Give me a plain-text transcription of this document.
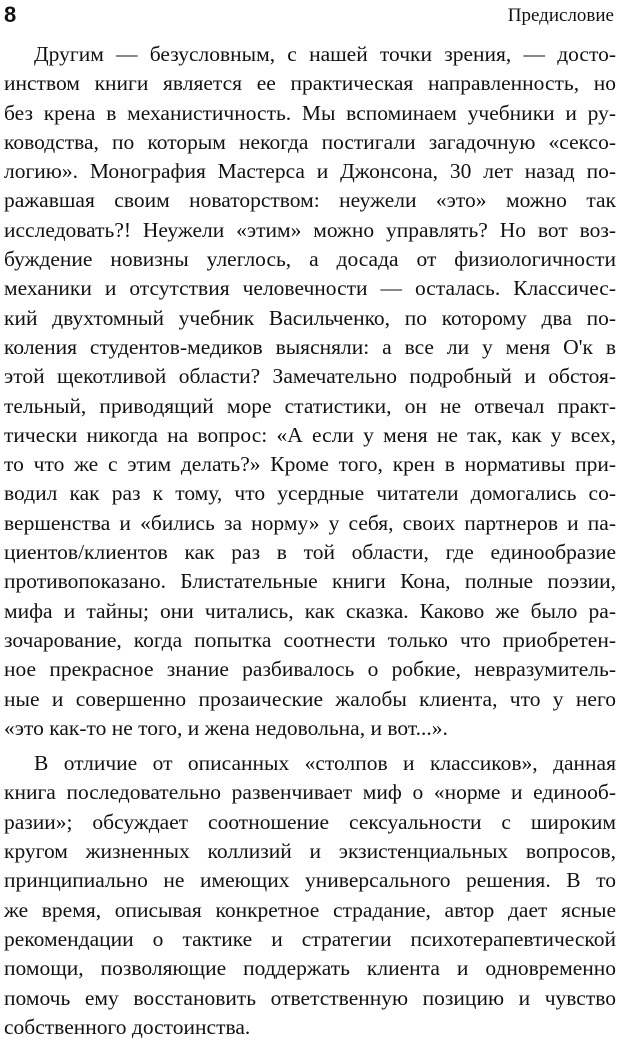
8	Предисловие
Другим — безусловным, с нашей точки зрения, — досто-
инством книги является ее практическая направленность, но
без крена в механистичность. Мы вспоминаем учебники и ру-
ководства, по которым некогда постигали загадочную «сексо-
логию». Монография Мастерса и Джонсона, 30 лет назад по-
ражавшая своим новаторством: неужели «это» можно так
исследовать?! Неужели «этим» можно управлять? Но вот воз-
буждение новизны улеглось, а досада от физиологичности
механики и отсутствия человечности — осталась. Классичес-
кий двухтомный учебник Васильченко, по которому два по-
коления студентов-медиков выясняли: а все ли у меня О'к в
этой щекотливой области? Замечательно подробный и обстоя-
тельный, приводящий море статистики, он не отвечал практ-
тически никогда на вопрос: «А если у меня не так, как у всех,
то что же с этим делать?» Кроме того, крен в нормативы при-
водил как раз к тому, что усердные читатели домогались со-
вершенства и «бились за норму» у себя, своих партнеров и па-
циентов/клиентов как раз в той области, где единообразие
противопоказано. Блистательные книги Кона, полные поэзии,
мифа и тайны; они читались, как сказка. Каково же было ра-
зочарование, когда попытка соотнести только что приобретен-
ное прекрасное знание разбивалось о робкие, невразумитель-
ные и совершенно прозаические жалобы клиента, что у него
«это как-то не того, и жена недовольна, и вот...».
В отличие от описанных «столпов и классиков», данная
книга последовательно развенчивает миф о «норме и единооб-
разии»; обсуждает соотношение сексуальности с широким
кругом жизненных коллизий и экзистенциальных вопросов,
принципиально не имеющих универсального решения. В то
же время, описывая конкретное страдание, автор дает ясные
рекомендации о тактике и стратегии психотерапевтической
помощи, позволяющие поддержать клиента и одновременно
помочь ему восстановить ответственную позицию и чувство
собственного достоинства.
